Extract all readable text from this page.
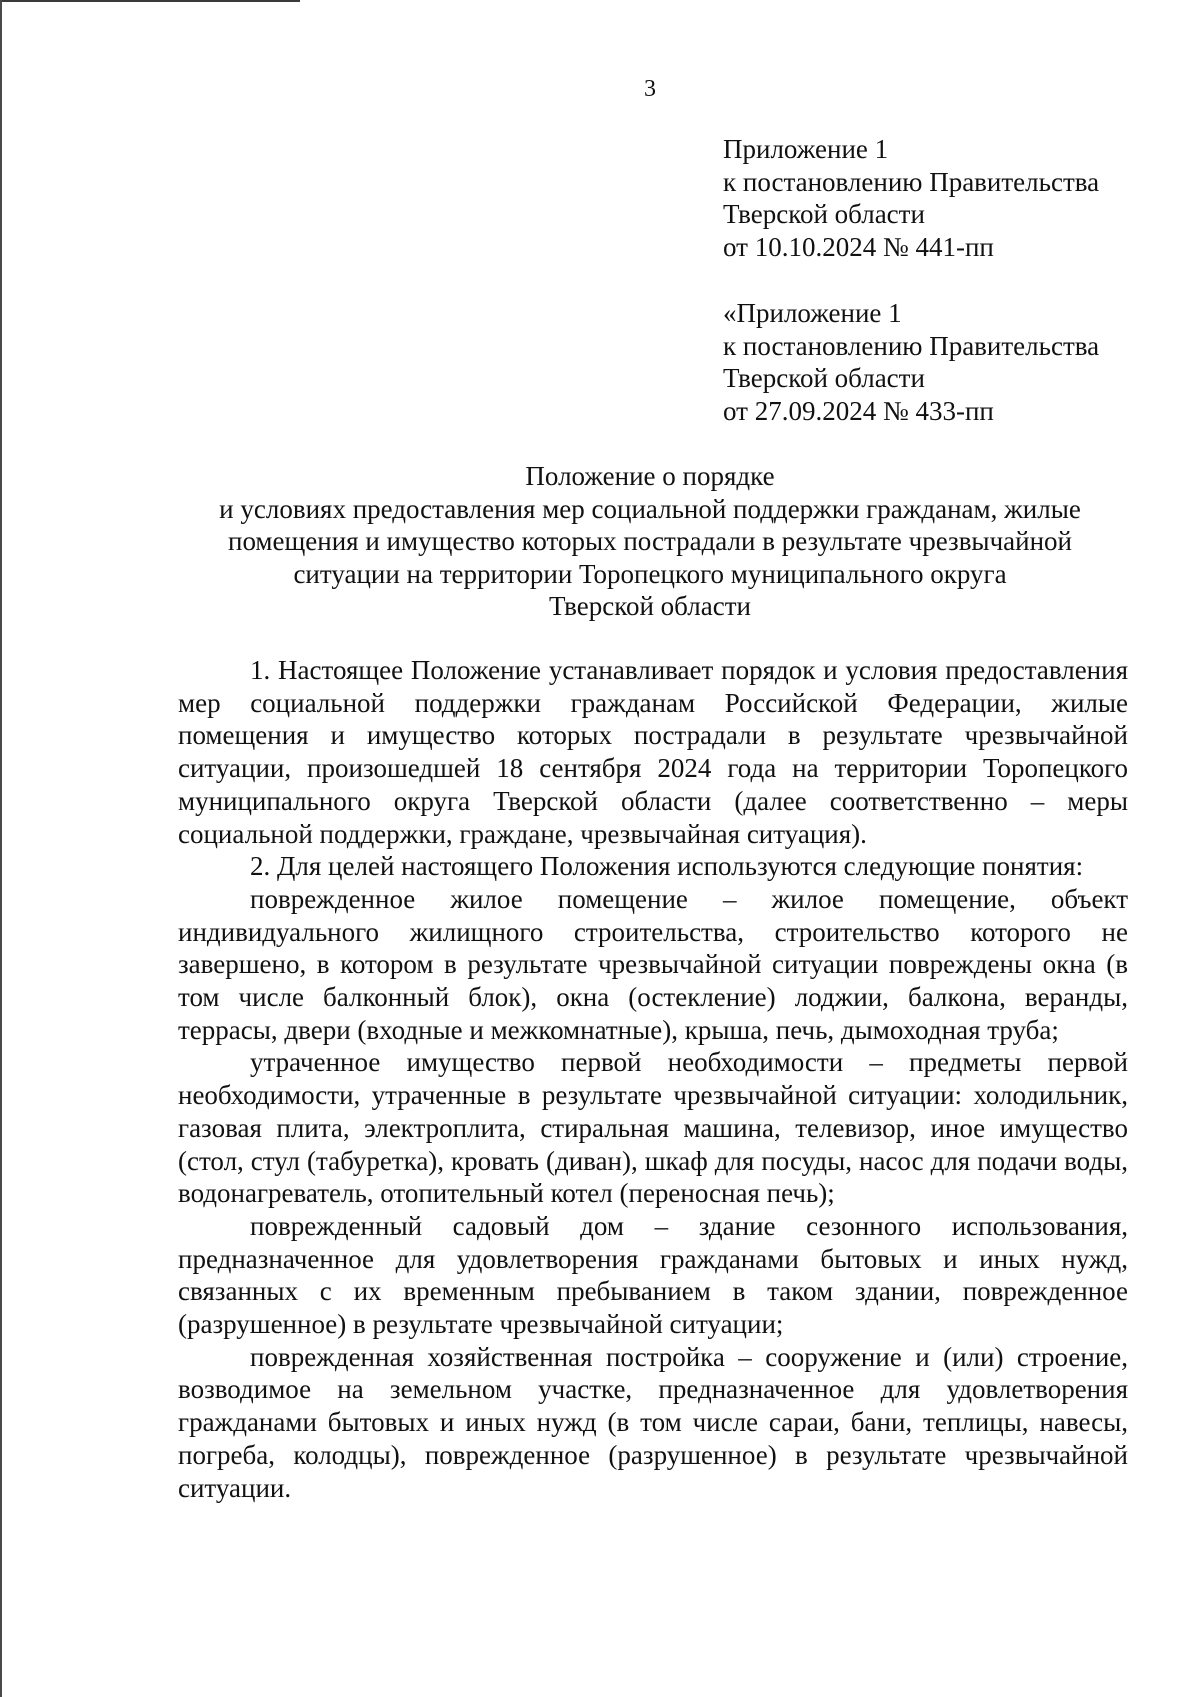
3
Приложение 1
к постановлению Правительства
Тверской области
от 10.10.2024 № 441-пп
«Приложение 1
к постановлению Правительства
Тверской области
от 27.09.2024 № 433-пп
Положение о порядке
и условиях предоставления мер социальной поддержки гражданам, жилые
помещения и имущество которых пострадали в результате чрезвычайной
ситуации на территории Торопецкого муниципального округа
Тверской области

1. Настоящее Положение устанавливает порядок и условия предоставления мер социальной поддержки гражданам Российской Федерации, жилые помещения и имущество которых пострадали в результате чрезвычайной ситуации, произошедшей 18 сентября 2024 года на территории Торопецкого муниципального округа Тверской области (далее соответственно – меры социальной поддержки, граждане, чрезвычайная ситуация).

2. Для целей настоящего Положения используются следующие понятия:

поврежденное жилое помещение – жилое помещение, объект индивидуального жилищного строительства, строительство которого не завершено, в котором в результате чрезвычайной ситуации повреждены окна (в том числе балконный блок), окна (остекление) лоджии, балкона, веранды, террасы, двери (входные и межкомнатные), крыша, печь, дымоходная труба;

утраченное имущество первой необходимости – предметы первой необходимости, утраченные в результате чрезвычайной ситуации: холодильник, газовая плита, электроплита, стиральная машина, телевизор, иное имущество (стол, стул (табуретка), кровать (диван), шкаф для посуды, насос для подачи воды, водонагреватель, отопительный котел (переносная печь);

поврежденный садовый дом – здание сезонного использования, предназначенное для удовлетворения гражданами бытовых и иных нужд, связанных с их временным пребыванием в таком здании, поврежденное (разрушенное) в результате чрезвычайной ситуации;

поврежденная хозяйственная постройка – сооружение и (или) строение, возводимое на земельном участке, предназначенное для удовлетворения гражданами бытовых и иных нужд (в том числе сараи, бани, теплицы, навесы, погреба, колодцы), поврежденное (разрушенное) в результате чрезвычайной ситуации.
